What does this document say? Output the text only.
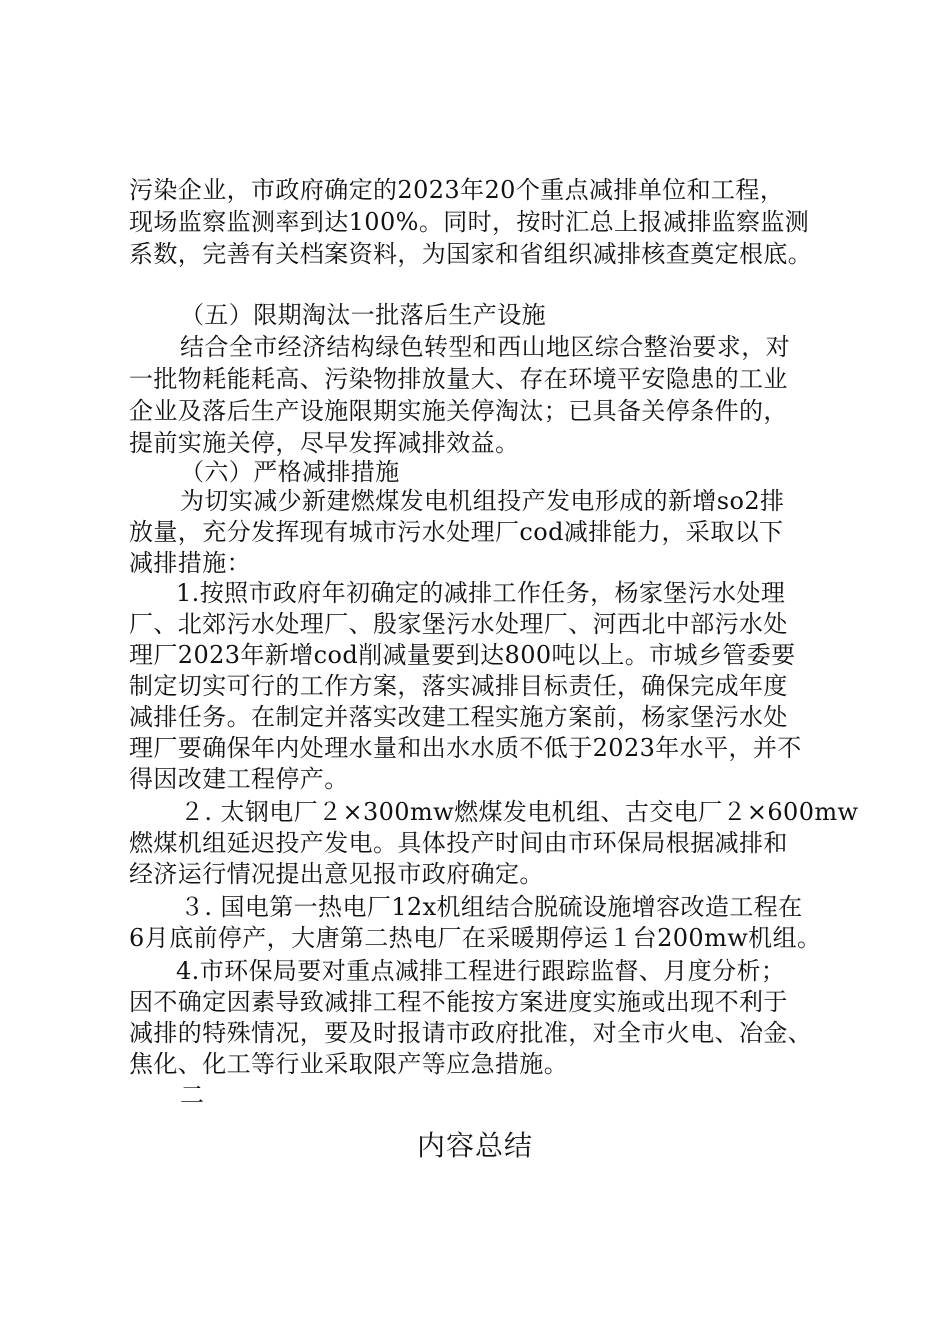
污染企业，市政府确定的2023年20个重点减排单位和工程，
现场监察监测率到达100%。同时，按时汇总上报减排监察监测
系数，完善有关档案资料，为国家和省组织减排核查奠定根底。
（五）限期淘汰一批落后生产设施
结合全市经济结构绿色转型和西山地区综合整治要求，对
一批物耗能耗高、污染物排放量大、存在环境平安隐患的工业
企业及落后生产设施限期实施关停淘汰；已具备关停条件的，
提前实施关停，尽早发挥减排效益。
（六）严格减排措施
为切实减少新建燃煤发电机组投产发电形成的新增so2排
放量，充分发挥现有城市污水处理厂cod减排能力，采取以下
减排措施：
1.按照市政府年初确定的减排工作任务，杨家堡污水处理
厂、北郊污水处理厂、殷家堡污水处理厂、河西北中部污水处
理厂2023年新增cod削减量要到达800吨以上。市城乡管委要
制定切实可行的工作方案，落实减排目标责任，确保完成年度
减排任务。在制定并落实改建工程实施方案前，杨家堡污水处
理厂要确保年内处理水量和出水水质不低于2023年水平，并不
得因改建工程停产。
２. 太钢电厂２×300mw燃煤发电机组、古交电厂２×600mw
燃煤机组延迟投产发电。具体投产时间由市环保局根据减排和
经济运行情况提出意见报市政府确定。
３. 国电第一热电厂12x机组结合脱硫设施增容改造工程在
6月底前停产，大唐第二热电厂在采暖期停运１台200mw机组。
4.市环保局要对重点减排工程进行跟踪监督、月度分析；
因不确定因素导致减排工程不能按方案进度实施或出现不利于
减排的特殊情况，要及时报请市政府批准，对全市火电、冶金、
焦化、化工等行业采取限产等应急措施。
二
内容总结
